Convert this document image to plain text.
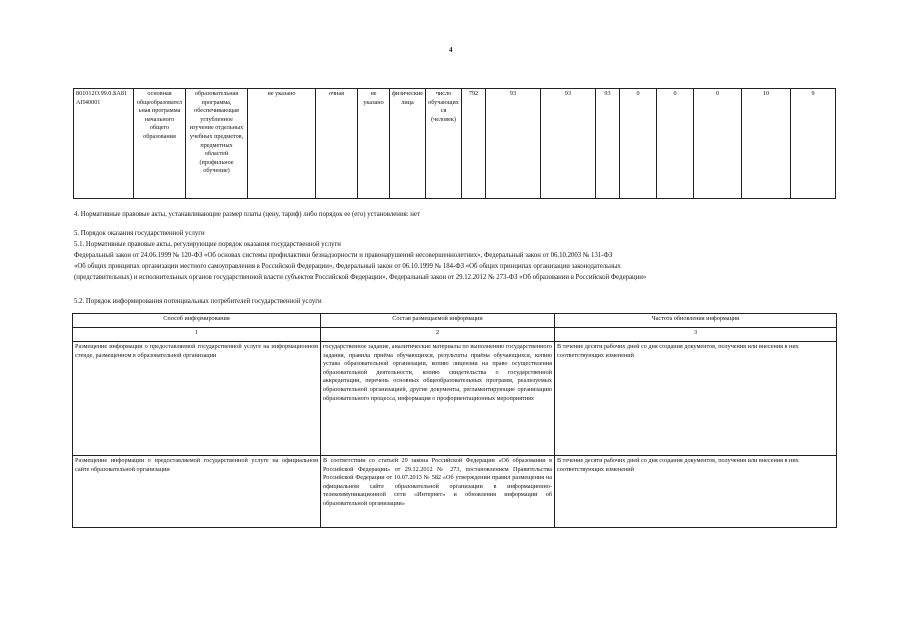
4
801012О.99.0.БА81АП40001	основная общеобразовательная программа начального общего образования	образовательная программа, обеспечивающая углубленное изучение отдельных учебных предметов, предметных областей (профильное обучение)	не указано	очная	не указано	физические лица	число обучающихся (человек)	792	93	93	93	0	0	0	10	9
4. Нормативные правовые акты, устанавливающие размер платы (цену, тариф) либо порядок ее (его) установления: нет
5. Порядок оказания государственной услуги
5.1. Нормативные правовые акты, регулирующие порядок оказания государственной услуги
Федеральный закон от 24.06.1999 № 120-ФЗ «Об основах системы профилактики безнадзорности и правонарушений несовершеннолетних», Федеральный закон от 06.10.2003 № 131-ФЗ
«Об общих принципах организации местного самоуправления в Российской Федерации», Федеральный закон от 06.10.1999 № 184-ФЗ «Об общих принципах организации законодательных
(представительных) и исполнительных органов государственной власти субъектов Российской Федерации», Федеральный закон от 29.12.2012 № 273-ФЗ «Об образовании в Российской Федерации»
5.2. Порядок информирования потенциальных потребителей государственной услуги
Способ информирования	Состав размещаемой информации	Частота обновления информации
1	2	3
Размещение информации о предоставляемой государственной услуге на информационном стенде, размещенном в образовательной организации	государственное задание, аналитические материалы по выполнению государственного задания, правила приёма обучающихся, результаты приёма обучающихся, копию устава образовательной организации, копию лицензии на право осуществления образовательной деятельности, копию свидетельства о государственной аккредитации, перечень основных общеобразовательных программ, реализуемых образовательной организацией, другие документы, регламентирующие организацию образовательного процесса, информация о профориентационных мероприятиях	В течение десяти рабочих дней со дня создания документов, получения или внесения в них соответствующих изменений
Размещение информации о предоставляемой государственной услуге на официальном сайте образовательной организации	В соответствии со статьей 29 закона Российской Федерации «Об образовании в Российской Федерации» от 29.12.2012 № 273, постановлением Правительства Российской Федерации от 10.07.2013 № 582 «Об утверждении правил размещения на официальном сайте образовательной организации в информационно-телекоммуникационной сети «Интернет» и обновления информации об образовательной организации»	В течение десяти рабочих дней со дня создания документов, получения или внесения в них соответствующих изменений
